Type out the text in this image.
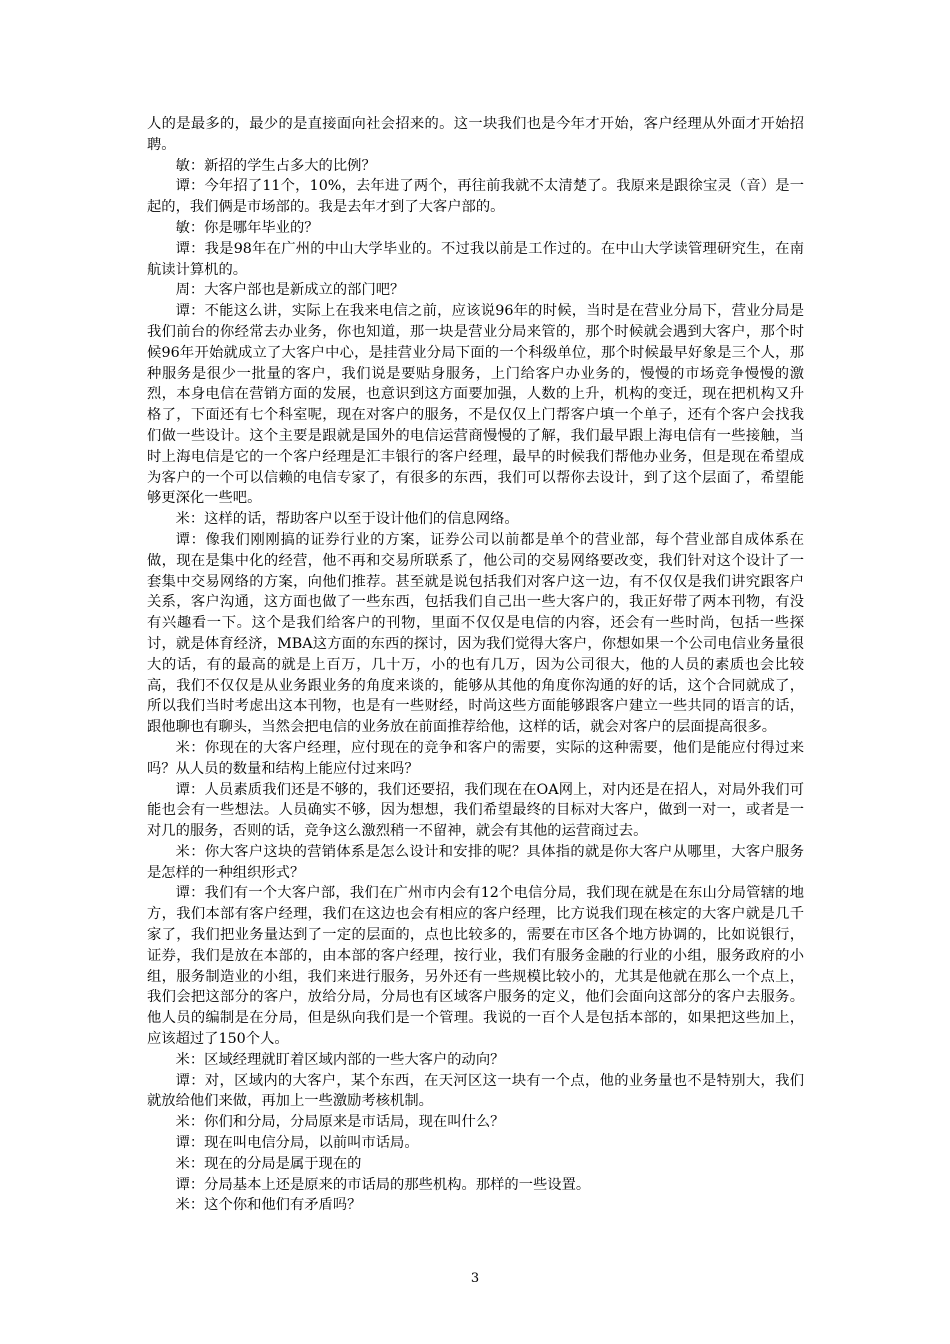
人的是最多的，最少的是直接面向社会招来的。这一块我们也是今年才开始，客户经理从外面才开始招聘。

敏：新招的学生占多大的比例？

谭：今年招了11个，10%，去年进了两个，再往前我就不太清楚了。我原来是跟徐宝灵（音）是一起的，我们俩是市场部的。我是去年才到了大客户部的。

敏：你是哪年毕业的？

谭：我是98年在广州的中山大学毕业的。不过我以前是工作过的。在中山大学读管理研究生，在南航读计算机的。

周：大客户部也是新成立的部门吧？

谭：不能这么讲，实际上在我来电信之前，应该说96年的时候，当时是在营业分局下，营业分局是我们前台的你经常去办业务，你也知道，那一块是营业分局来管的，那个时候就会遇到大客户，那个时候96年开始就成立了大客户中心，是挂营业分局下面的一个科级单位，那个时候最早好象是三个人，那种服务是很少一批量的客户，我们说是要贴身服务，上门给客户办业务的，慢慢的市场竞争慢慢的激烈，本身电信在营销方面的发展，也意识到这方面要加强，人数的上升，机构的变迁，现在把机构又升格了，下面还有七个科室呢，现在对客户的服务，不是仅仅上门帮客户填一个单子，还有个客户会找我们做一些设计。这个主要是跟就是国外的电信运营商慢慢的了解，我们最早跟上海电信有一些接触，当时上海电信是它的一个客户经理是汇丰银行的客户经理，最早的时候我们帮他办业务，但是现在希望成为客户的一个可以信赖的电信专家了，有很多的东西，我们可以帮你去设计，到了这个层面了，希望能够更深化一些吧。

米：这样的话，帮助客户以至于设计他们的信息网络。

谭：像我们刚刚搞的证券行业的方案，证券公司以前都是单个的营业部，每个营业部自成体系在做，现在是集中化的经营，他不再和交易所联系了，他公司的交易网络要改变，我们针对这个设计了一套集中交易网络的方案，向他们推荐。甚至就是说包括我们对客户这一边，有不仅仅是我们讲究跟客户关系，客户沟通，这方面也做了一些东西，包括我们自己出一些大客户的，我正好带了两本刊物，有没有兴趣看一下。这个是我们给客户的刊物，里面不仅仅是电信的内容，还会有一些时尚，包括一些探讨，就是体育经济，MBA这方面的东西的探讨，因为我们觉得大客户，你想如果一个公司电信业务量很大的话，有的最高的就是上百万，几十万，小的也有几万，因为公司很大，他的人员的素质也会比较高，我们不仅仅是从业务跟业务的角度来谈的，能够从其他的角度你沟通的好的话，这个合同就成了，所以我们当时考虑出这本刊物，也是有一些财经，时尚这些方面能够跟客户建立一些共同的语言的话，跟他聊也有聊头，当然会把电信的业务放在前面推荐给他，这样的话，就会对客户的层面提高很多。

米：你现在的大客户经理，应付现在的竞争和客户的需要，实际的这种需要，他们是能应付得过来吗？从人员的数量和结构上能应付过来吗？

谭：人员素质我们还是不够的，我们还要招，我们现在在OA网上，对内还是在招人，对局外我们可能也会有一些想法。人员确实不够，因为想想，我们希望最终的目标对大客户，做到一对一，或者是一对几的服务，否则的话，竞争这么激烈稍一不留神，就会有其他的运营商过去。

米：你大客户这块的营销体系是怎么设计和安排的呢？具体指的就是你大客户从哪里，大客户服务是怎样的一种组织形式？

谭：我们有一个大客户部，我们在广州市内会有12个电信分局，我们现在就是在东山分局管辖的地方，我们本部有客户经理，我们在这边也会有相应的客户经理，比方说我们现在核定的大客户就是几千家了，我们把业务量达到了一定的层面的，点也比较多的，需要在市区各个地方协调的，比如说银行，证券，我们是放在本部的，由本部的客户经理，按行业，我们有服务金融的行业的小组，服务政府的小组，服务制造业的小组，我们来进行服务，另外还有一些规模比较小的，尤其是他就在那么一个点上，我们会把这部分的客户，放给分局，分局也有区域客户服务的定义，他们会面向这部分的客户去服务。他人员的编制是在分局，但是纵向我们是一个管理。我说的一百个人是包括本部的，如果把这些加上，应该超过了150个人。

米：区域经理就盯着区域内部的一些大客户的动向？

谭：对，区域内的大客户，某个东西，在天河区这一块有一个点，他的业务量也不是特别大，我们就放给他们来做，再加上一些激励考核机制。

米：你们和分局，分局原来是市话局，现在叫什么？

谭：现在叫电信分局，以前叫市话局。

米：现在的分局是属于现在的

谭：分局基本上还是原来的市话局的那些机构。那样的一些设置。

米：这个你和他们有矛盾吗？

3
